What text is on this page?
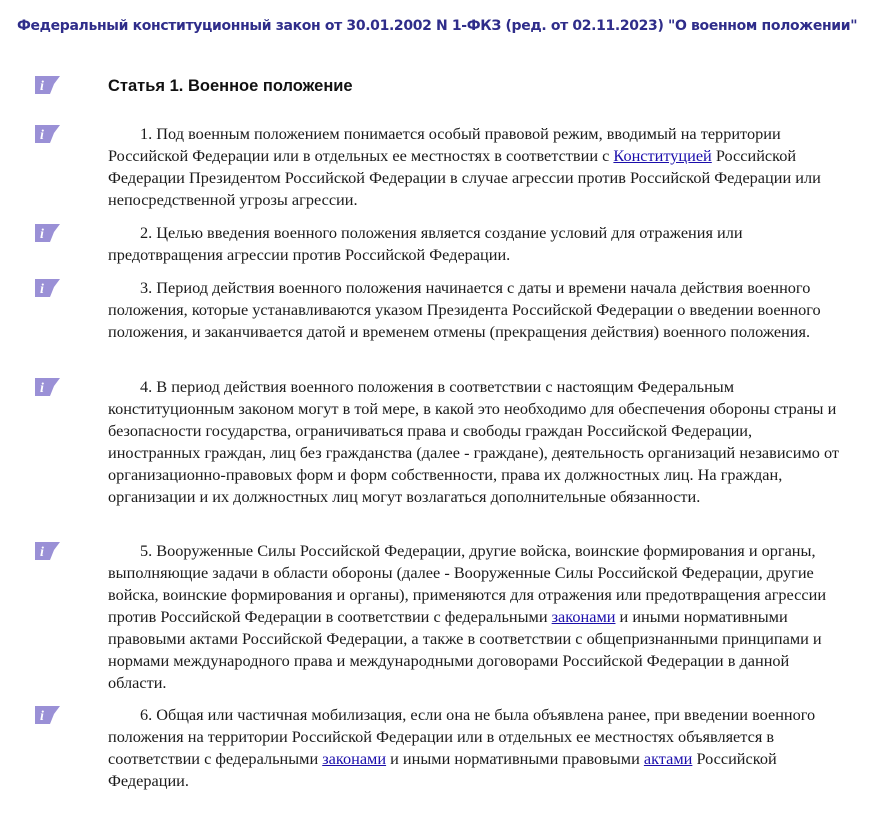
Федеральный конституционный закон от 30.01.2002 N 1-ФКЗ (ред. от 02.11.2023) "О военном положении"
i
i
i
i
i
i
i
Статья 1. Военное положение

1. Под военным положением понимается особый правовой режим, вводимый на территории Российской Федерации или в отдельных ее местностях в соответствии с Конституцией Российской Федерации Президентом Российской Федерации в случае агрессии против Российской Федерации или непосредственной угрозы агрессии.

2. Целью введения военного положения является создание условий для отражения или предотвращения агрессии против Российской Федерации.

3. Период действия военного положения начинается с даты и времени начала действия военного положения, которые устанавливаются указом Президента Российской Федерации о введении военного положения, и заканчивается датой и временем отмены (прекращения действия) военного положения.

4. В период действия военного положения в соответствии с настоящим Федеральным конституционным законом могут в той мере, в какой это необходимо для обеспечения обороны страны и безопасности государства, ограничиваться права и свободы граждан Российской Федерации, иностранных граждан, лиц без гражданства (далее - граждане), деятельность организаций независимо от организационно-правовых форм и форм собственности, права их должностных лиц. На граждан, организации и их должностных лиц могут возлагаться дополнительные обязанности.

5. Вооруженные Силы Российской Федерации, другие войска, воинские формирования и органы, выполняющие задачи в области обороны (далее - Вооруженные Силы Российской Федерации, другие войска, воинские формирования и органы), применяются для отражения или предотвращения агрессии против Российской Федерации в соответствии с федеральными законами и иными нормативными правовыми актами Российской Федерации, а также в соответствии с общепризнанными принципами и нормами международного права и международными договорами Российской Федерации в данной области.

6. Общая или частичная мобилизация, если она не была объявлена ранее, при введении военного положения на территории Российской Федерации или в отдельных ее местностях объявляется в соответствии с федеральными законами и иными нормативными правовыми актами Российской Федерации.
